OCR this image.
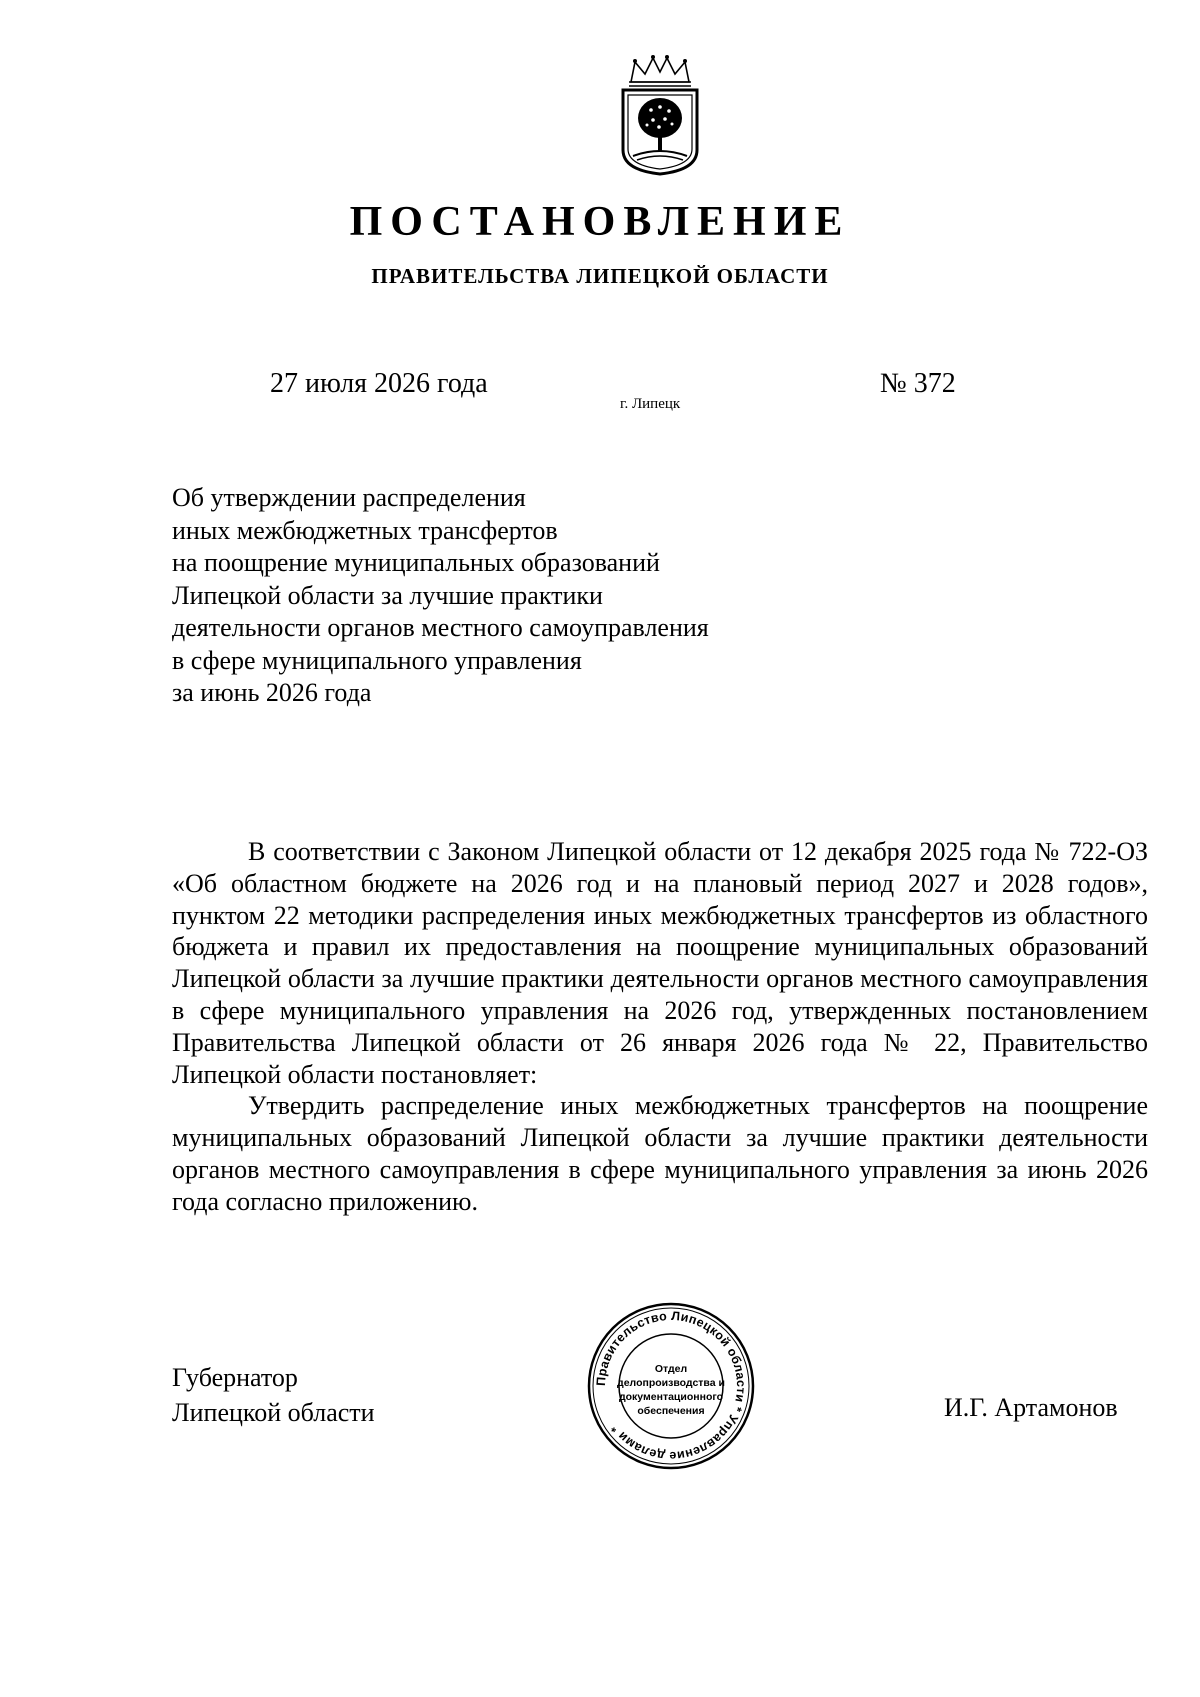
ПОСТАНОВЛЕНИЕ
ПРАВИТЕЛЬСТВА ЛИПЕЦКОЙ ОБЛАСТИ
27 июля 2026 года
г. Липецк
№ 372
Об утверждении распределения
иных межбюджетных трансфертов
на поощрение муниципальных образований
Липецкой области за лучшие практики
деятельности органов местного самоуправления
в сфере муниципального управления
за июнь 2026 года

В соответствии с Законом Липецкой области от 12 декабря 2025 года № 722-ОЗ «Об областном бюджете на 2026 год и на плановый период 2027 и 2028 годов», пунктом 22 методики распределения иных межбюджетных трансфертов из областного бюджета и правил их предоставления на поощрение муниципальных образований Липецкой области за лучшие практики деятельности органов местного самоуправления в сфере муниципального управления на 2026 год, утвержденных постановлением Правительства Липецкой области от 26 января 2026 года № 22, Правительство Липецкой области постановляет:

Утвердить распределение иных межбюджетных трансфертов на поощрение муниципальных образований Липецкой области за лучшие практики деятельности органов местного самоуправления в сфере муниципального управления за июнь 2026 года согласно приложению.

Губернатор
Липецкой области	И.Г. Артамонов
Правительство Липецкой области * Управление делами *
Отдел
делопроизводства и
документационного
обеспечения
